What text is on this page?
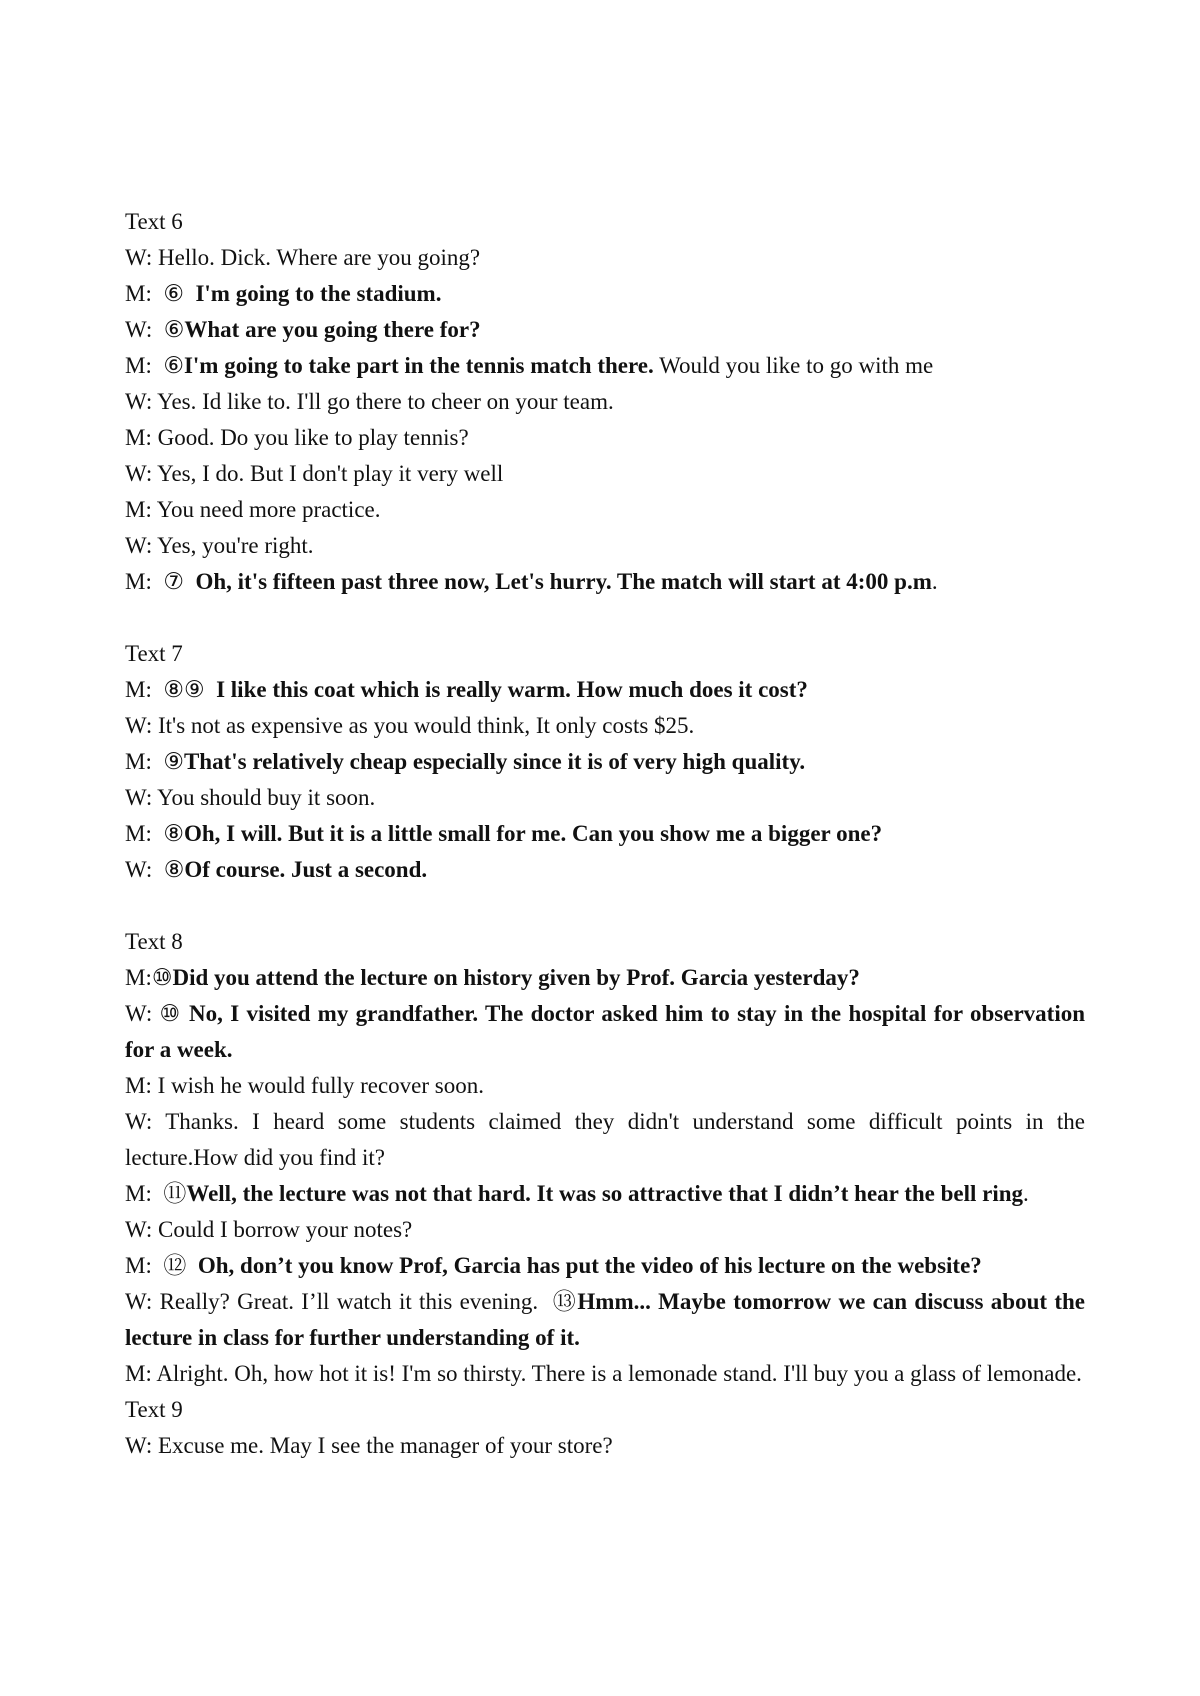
Text 6
W: Hello. Dick. Where are you going?
M:  ⑥  I'm going to the stadium.
W:  ⑥What are you going there for?
M:  ⑥I'm going to take part in the tennis match there. Would you like to go with me
W: Yes. Id like to. I'll go there to cheer on your team.
M: Good. Do you like to play tennis?
W: Yes, I do. But I don't play it very well
M: You need more practice.
W: Yes, you're right.
M:  ⑦  Oh, it's fifteen past three now, Let's hurry. The match will start at 4:00 p.m.
Text 7
M:  ⑧⑨  I like this coat which is really warm. How much does it cost?
W: It's not as expensive as you would think, It only costs $25.
M:  ⑨That's relatively cheap especially since it is of very high quality.
W: You should buy it soon.
M:  ⑧Oh, I will. But it is a little small for me. Can you show me a bigger one?
W:  ⑧Of course. Just a second.
Text 8
M:⑩Did you attend the lecture on history given by Prof. Garcia yesterday?
W: ⑩ No, I visited my grandfather. The doctor asked him to stay in the hospital for observation for a week.
M: I wish he would fully recover soon.
W: Thanks. I heard some students claimed they didn't understand some difficult points in the lecture.How did you find it?
M:  ⑪Well, the lecture was not that hard. It was so attractive that I didn’t hear the bell ring.
W: Could I borrow your notes?
M:  ⑫  Oh, don’t you know Prof, Garcia has put the video of his lecture on the website?
W: Really? Great. I’ll watch it this evening.  ⑬Hmm... Maybe tomorrow we can discuss about the lecture in class for further understanding of it.
M: Alright. Oh, how hot it is! I'm so thirsty. There is a lemonade stand. I'll buy you a glass of lemonade.
Text 9
W: Excuse me. May I see the manager of your store?
